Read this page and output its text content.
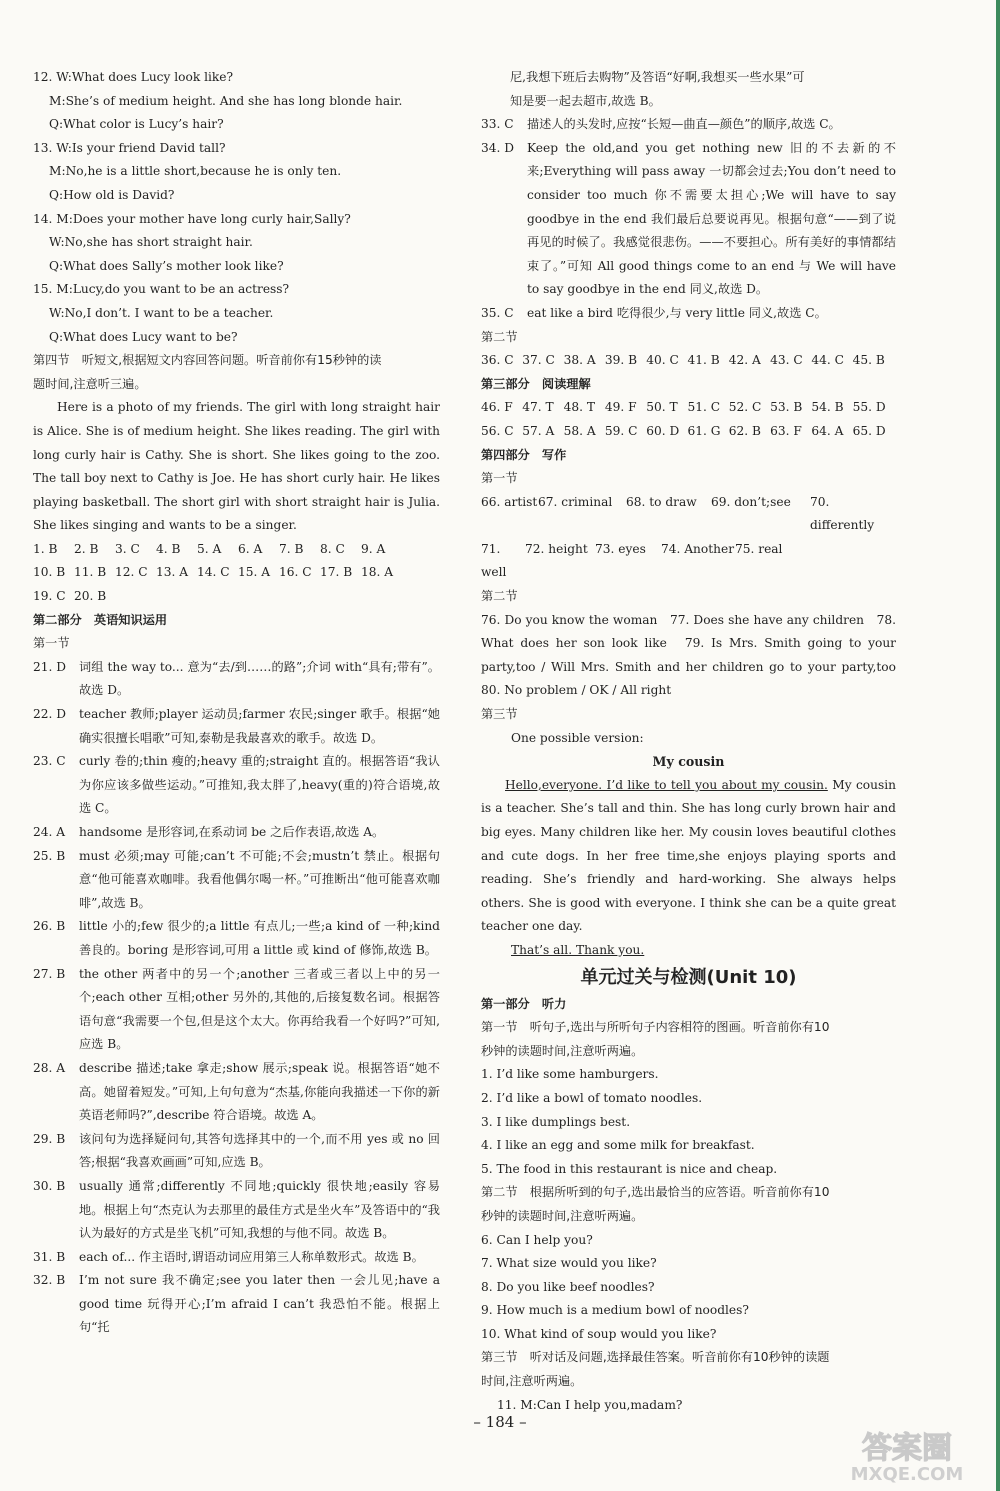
12. W:What does Lucy look like?
M:She’s of medium height. And she has long blonde hair.
Q:What color is Lucy’s hair?
13. W:Is your friend David tall?
M:No,he is a little short,because he is only ten.
Q:How old is David?
14. M:Does your mother have long curly hair,Sally?
W:No,she has short straight hair.
Q:What does Sally’s mother look like?
15. M:Lucy,do you want to be an actress?
W:No,I don’t. I want to be a teacher.
Q:What does Lucy want to be?
第四节　听短文,根据短文内容回答问题。听音前你有15秒钟的读
题时间,注意听三遍。
Here is a photo of my friends. The girl with long straight hair is Alice. She is of medium height. She likes reading. The girl with long curly hair is Cathy. She is short. She likes going to the zoo. The tall boy next to Cathy is Joe. He has short curly hair. He likes playing basketball. The short girl with short straight hair is Julia. She likes singing and wants to be a singer.
1. B	2. B	3. C	4. B	5. A	6. A	7. B	8. C	9. A
10. B 11. B 12. C 13. A 14. C 15. A 16. C 17. B 18. A
19. C 20. B
第二部分　英语知识运用
第一节
21. D	词组 the way to... 意为“去/到……的路”;介词 with“具有;带有”。故选 D。
22. D	teacher 教师;player 运动员;farmer 农民;singer 歌手。根据“她确实很擅长唱歌”可知,泰勒是我最喜欢的歌手。故选 D。
23. C	curly 卷的;thin 瘦的;heavy 重的;straight 直的。根据答语“我认为你应该多做些运动。”可推知,我太胖了,heavy(重的)符合语境,故选 C。
24. A	handsome 是形容词,在系动词 be 之后作表语,故选 A。
25. B	must 必须;may 可能;can’t 不可能;不会;mustn’t 禁止。根据句意“他可能喜欢咖啡。我看他偶尔喝一杯。”可推断出“他可能喜欢咖啡”,故选 B。
26. B	little 小的;few 很少的;a little 有点儿;一些;a kind of 一种;kind 善良的。boring 是形容词,可用 a little 或 kind of 修饰,故选 B。
27. B	the other 两者中的另一个;another 三者或三者以上中的另一个;each other 互相;other 另外的,其他的,后接复数名词。根据答语句意“我需要一个包,但是这个太大。你再给我看一个好吗?”可知,应选 B。
28. A	describe 描述;take 拿走;show 展示;speak 说。根据答语“她不高。她留着短发。”可知,上句句意为“杰基,你能向我描述一下你的新英语老师吗?”,describe 符合语境。故选 A。
29. B	该问句为选择疑问句,其答句选择其中的一个,而不用 yes 或 no 回答;根据“我喜欢画画”可知,应选 B。
30. B	usually 通常;differently 不同地;quickly 很快地;easily 容易地。根据上句“杰克认为去那里的最佳方式是坐火车”及答语中的“我认为最好的方式是坐飞机”可知,我想的与他不同。故选 B。
31. B	each of... 作主语时,谓语动词应用第三人称单数形式。故选 B。
32. B	I’m not sure 我不确定;see you later then 一会儿见;have a good time 玩得开心;I’m afraid I can’t 我恐怕不能。根据上句“托
尼,我想下班后去购物”及答语“好啊,我想买一些水果”可
知是要一起去超市,故选 B。
33. C	描述人的头发时,应按“长短—曲直—颜色”的顺序,故选 C。
34. D	Keep the old,and you get nothing new 旧的不去新的不来;Everything will pass away 一切都会过去;You don’t need to consider too much 你不需要太担心;We will have to say goodbye in the end 我们最后总要说再见。根据句意“——到了说再见的时候了。我感觉很悲伤。——不要担心。所有美好的事情都结束了。”可知 All good things come to an end 与 We will have to say goodbye in the end 同义,故选 D。
35. C	eat like a bird 吃得很少,与 very little 同义,故选 C。
第二节
36. C 37. C 38. A 39. B 40. C 41. B 42. A 43. C 44. C 45. B
第三部分　阅读理解
46. F 47. T 48. T 49. F 50. T 51. C 52. C 53. B 54. B 55. D
56. C 57. A 58. A 59. C 60. D 61. G 62. B 63. F 64. A 65. D
第四部分　写作
第一节
66. artist 67. criminal	68. to draw	69. don’t;see	70. differently
71. well
72. height 73. eyes	74. Another 75. real
第二节
76. Do you know the woman　77. Does she have any children　78. What does her son look like　79. Is Mrs. Smith going to your party,too / Will Mrs. Smith and her children go to your party,too　80. No problem / OK / All right
第三节
One possible version:
My cousin
Hello,everyone. I’d like to tell you about my cousin. My cousin is a teacher. She’s tall and thin. She has long curly brown hair and big eyes. Many children like her. My cousin loves beautiful clothes and cute dogs. In her free time,she enjoys playing sports and reading. She’s friendly and hard-working. She always helps others. She is good with everyone. I think she can be a quite great teacher one day.
That’s all. Thank you.
单元过关与检测(Unit 10)
第一部分　听力
第一节　听句子,选出与所听句子内容相符的图画。听音前你有10
秒钟的读题时间,注意听两遍。
1. I’d like some hamburgers.
2. I’d like a bowl of tomato noodles.
3. I like dumplings best.
4. I like an egg and some milk for breakfast.
5. The food in this restaurant is nice and cheap.
第二节　根据所听到的句子,选出最恰当的应答语。听音前你有10
秒钟的读题时间,注意听两遍。
6. Can I help you?
7. What size would you like?
8. Do you like beef noodles?
9. How much is a medium bowl of noodles?
10. What kind of soup would you like?
第三节　听对话及问题,选择最佳答案。听音前你有10秒钟的读题
时间,注意听两遍。
11. M:Can I help you,madam?
– 184 –
答案圈
MXQE.COM
